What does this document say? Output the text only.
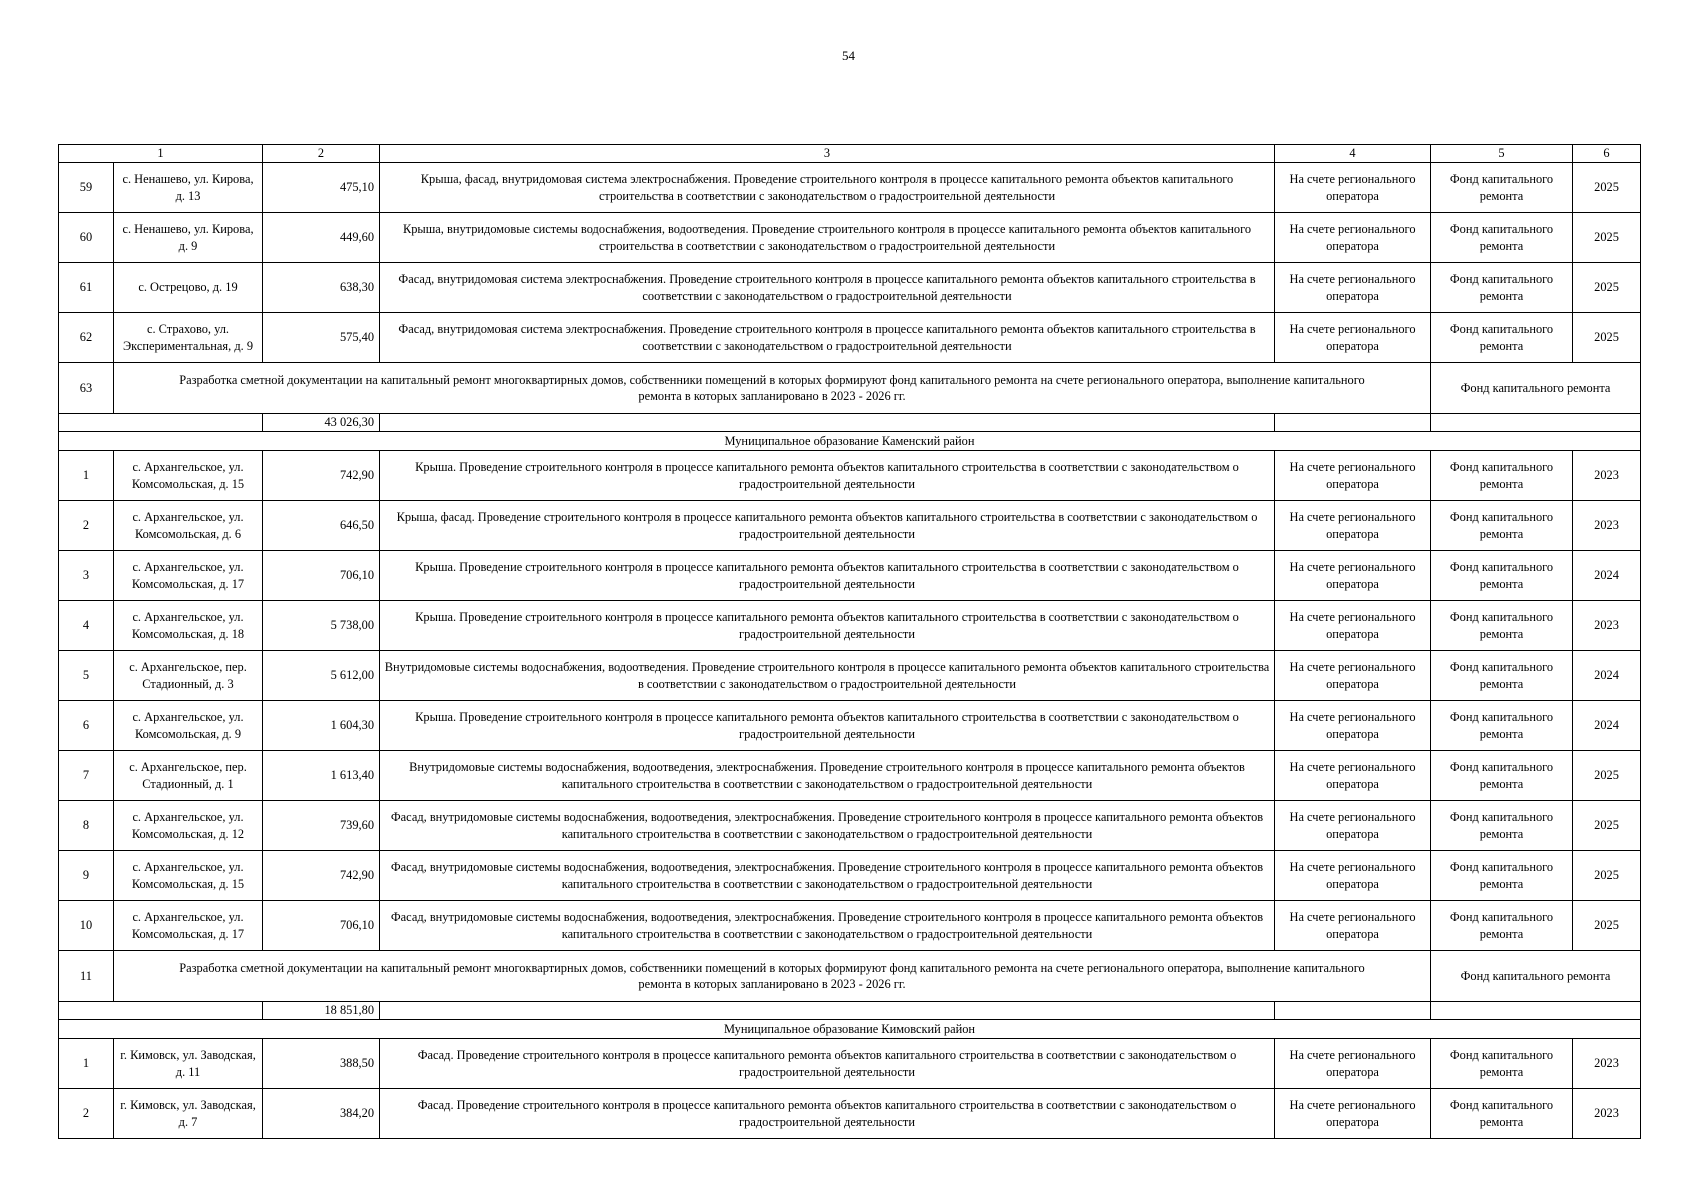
54
1		2	3	4	5	6
59	с. Ненашево, ул. Кирова, д. 13	475,10	Крыша, фасад, внутридомовая система электроснабжения. Проведение строительного контроля в процессе капитального ремонта объектов капитального строительства в соответствии с законодательством о градостроительной деятельности	На счете регионального оператора	Фонд капитального ремонта	2025
60	с. Ненашево, ул. Кирова, д. 9	449,60	Крыша, внутридомовые системы водоснабжения, водоотведения. Проведение строительного контроля в процессе капитального ремонта объектов капитального строительства в соответствии с законодательством о градостроительной деятельности	На счете регионального оператора	Фонд капитального ремонта	2025
61	с. Острецово, д. 19	638,30	Фасад, внутридомовая система электроснабжения. Проведение строительного контроля в процессе капитального ремонта объектов капитального строительства в соответствии с законодательством о градостроительной деятельности	На счете регионального оператора	Фонд капитального ремонта	2025
62	с. Страхово, ул. Экспериментальная, д. 9	575,40	Фасад, внутридомовая система электроснабжения. Проведение строительного контроля в процессе капитального ремонта объектов капитального строительства в соответствии с законодательством о градостроительной деятельности	На счете регионального оператора	Фонд капитального ремонта	2025
63	Разработка сметной документации на капитальный ремонт многоквартирных домов, собственники помещений в которых формируют фонд капитального ремонта на счете регионального оператора, выполнение капитального ремонта в которых запланировано в 2023 - 2026 гг.				Фонд капитального ремонта	
		43 026,30				
Муниципальное образование Каменский район						
1	с. Архангельское, ул. Комсомольская, д. 15	742,90	Крыша. Проведение строительного контроля в процессе капитального ремонта объектов капитального строительства в соответствии с законодательством о градостроительной деятельности	На счете регионального оператора	Фонд капитального ремонта	2023
2	с. Архангельское, ул. Комсомольская, д. 6	646,50	Крыша, фасад. Проведение строительного контроля в процессе капитального ремонта объектов капитального строительства в соответствии с законодательством о градостроительной деятельности	На счете регионального оператора	Фонд капитального ремонта	2023
3	с. Архангельское, ул. Комсомольская, д. 17	706,10	Крыша. Проведение строительного контроля в процессе капитального ремонта объектов капитального строительства в соответствии с законодательством о градостроительной деятельности	На счете регионального оператора	Фонд капитального ремонта	2024
4	с. Архангельское, ул. Комсомольская, д. 18	5 738,00	Крыша. Проведение строительного контроля в процессе капитального ремонта объектов капитального строительства в соответствии с законодательством о градостроительной деятельности	На счете регионального оператора	Фонд капитального ремонта	2023
5	с. Архангельское, пер. Стадионный, д. 3	5 612,00	Внутридомовые системы водоснабжения, водоотведения. Проведение строительного контроля в процессе капитального ремонта объектов капитального строительства в соответствии с законодательством о градостроительной деятельности	На счете регионального оператора	Фонд капитального ремонта	2024
6	с. Архангельское, ул. Комсомольская, д. 9	1 604,30	Крыша. Проведение строительного контроля в процессе капитального ремонта объектов капитального строительства в соответствии с законодательством о градостроительной деятельности	На счете регионального оператора	Фонд капитального ремонта	2024
7	с. Архангельское, пер. Стадионный, д. 1	1 613,40	Внутридомовые системы водоснабжения, водоотведения, электроснабжения. Проведение строительного контроля в процессе капитального ремонта объектов капитального строительства в соответствии с законодательством о градостроительной деятельности	На счете регионального оператора	Фонд капитального ремонта	2025
8	с. Архангельское, ул. Комсомольская, д. 12	739,60	Фасад, внутридомовые системы водоснабжения, водоотведения, электроснабжения. Проведение строительного контроля в процессе капитального ремонта объектов капитального строительства в соответствии с законодательством о градостроительной деятельности	На счете регионального оператора	Фонд капитального ремонта	2025
9	с. Архангельское, ул. Комсомольская, д. 15	742,90	Фасад, внутридомовые системы водоснабжения, водоотведения, электроснабжения. Проведение строительного контроля в процессе капитального ремонта объектов капитального строительства в соответствии с законодательством о градостроительной деятельности	На счете регионального оператора	Фонд капитального ремонта	2025
10	с. Архангельское, ул. Комсомольская, д. 17	706,10	Фасад, внутридомовые системы водоснабжения, водоотведения, электроснабжения. Проведение строительного контроля в процессе капитального ремонта объектов капитального строительства в соответствии с законодательством о градостроительной деятельности	На счете регионального оператора	Фонд капитального ремонта	2025
11	Разработка сметной документации на капитальный ремонт многоквартирных домов, собственники помещений в которых формируют фонд капитального ремонта на счете регионального оператора, выполнение капитального ремонта в которых запланировано в 2023 - 2026 гг.				Фонд капитального ремонта	
		18 851,80				
Муниципальное образование Кимовский район						
1	г. Кимовск, ул. Заводская, д. 11	388,50	Фасад. Проведение строительного контроля в процессе капитального ремонта объектов капитального строительства в соответствии с законодательством о градостроительной деятельности	На счете регионального оператора	Фонд капитального ремонта	2023
2	г. Кимовск, ул. Заводская, д. 7	384,20	Фасад. Проведение строительного контроля в процессе капитального ремонта объектов капитального строительства в соответствии с законодательством о градостроительной деятельности	На счете регионального оператора	Фонд капитального ремонта	2023
